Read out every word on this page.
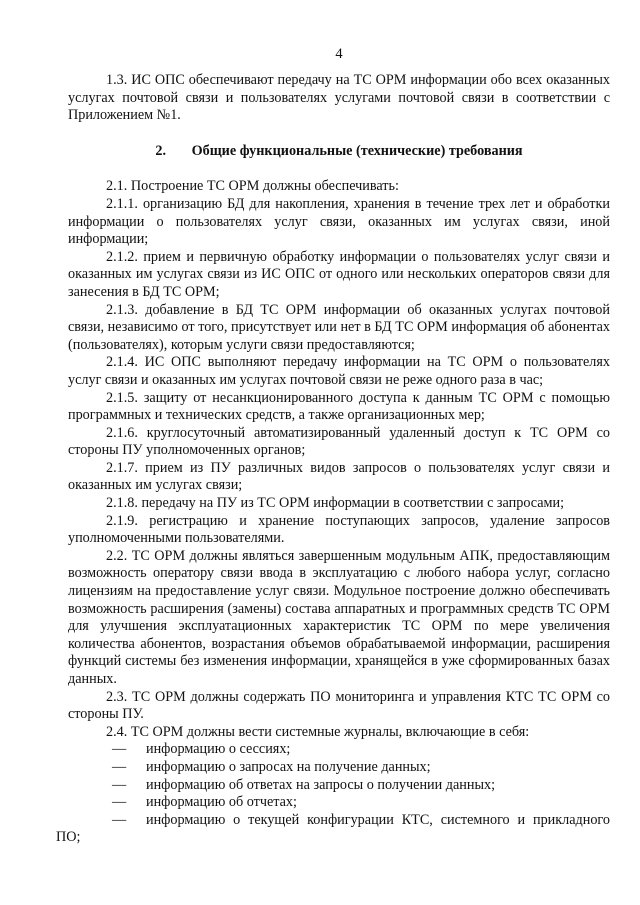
4

1.3. ИС ОПС обеспечивают передачу на ТС ОРМ информации обо всех оказанных услугах почтовой связи и пользователях услугами почтовой связи в соответствии с Приложением №1.

2. Общие функциональные (технические) требования

2.1. Построение ТС ОРМ должны обеспечивать:

2.1.1. организацию БД для накопления, хранения в течение трех лет и обработки информации о пользователях услуг связи, оказанных им услугах связи, иной информации;

2.1.2. прием и первичную обработку информации о пользователях услуг связи и оказанных им услугах связи из ИС ОПС от одного или нескольких операторов связи для занесения в БД ТС ОРМ;

2.1.3. добавление в БД ТС ОРМ информации об оказанных услугах почтовой связи, независимо от того, присутствует или нет в БД ТС ОРМ информация об абонентах (пользователях), которым услуги связи предоставляются;

2.1.4. ИС ОПС выполняют передачу информации на ТС ОРМ о пользователях услуг связи и оказанных им услугах почтовой связи не реже одного раза в час;

2.1.5. защиту от несанкционированного доступа к данным ТС ОРМ с помощью программных и технических средств, а также организационных мер;

2.1.6. круглосуточный автоматизированный удаленный доступ к ТС ОРМ со стороны ПУ уполномоченных органов;

2.1.7. прием из ПУ различных видов запросов о пользователях услуг связи и оказанных им услугах связи;

2.1.8. передачу на ПУ из ТС ОРМ информации в соответствии с запросами;

2.1.9. регистрацию и хранение поступающих запросов, удаление запросов уполномоченными пользователями.

2.2. ТС ОРМ должны являться завершенным модульным АПК, предоставляющим возможность оператору связи ввода в эксплуатацию с любого набора услуг, согласно лицензиям на предоставление услуг связи. Модульное построение должно обеспечивать возможность расширения (замены) состава аппаратных и программных средств ТС ОРМ для улучшения эксплуатационных характеристик ТС ОРМ по мере увеличения количества абонентов, возрастания объемов обрабатываемой информации, расширения функций системы без изменения информации, хранящейся в уже сформированных базах данных.

2.3. ТС ОРМ должны содержать ПО мониторинга и управления КТС ТС ОРМ со стороны ПУ.

2.4. ТС ОРМ должны вести системные журналы, включающие в себя:

—	информацию о сессиях;
—	информацию о запросах на получение данных;
—	информацию об ответах на запросы о получении данных;
—	информацию об отчетах;
—	информацию о текущей конфигурации КТС, системного и прикладного
ПО;
